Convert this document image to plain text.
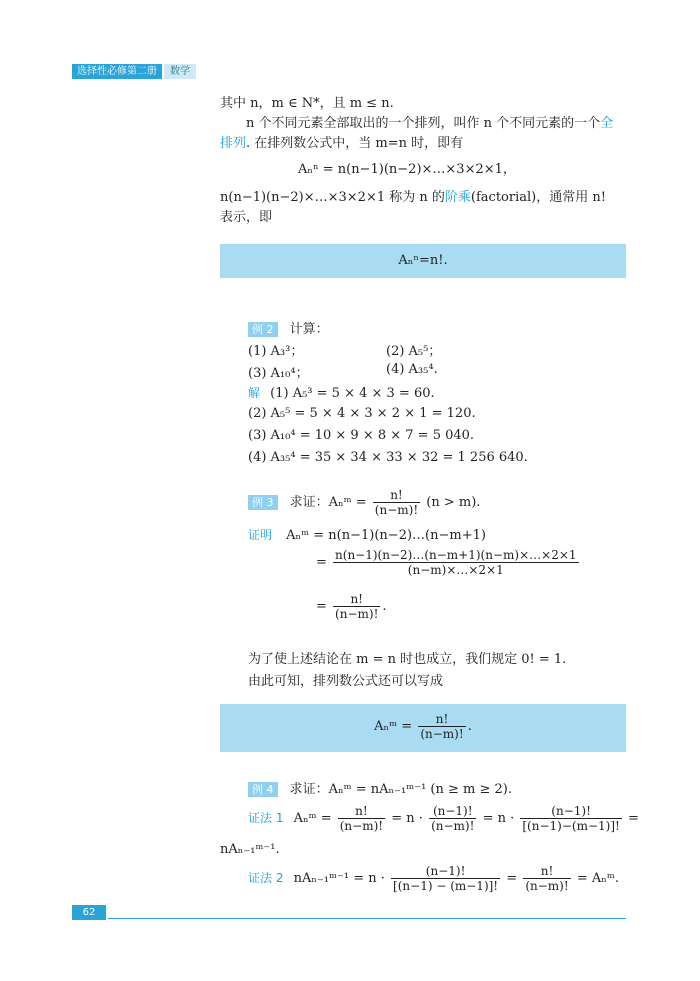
选择性必修第二册	数学
其中 n，m ∈ N*，且 m ≤ n.
n 个不同元素全部取出的一个排列，叫作 n 个不同元素的一个全
排列. 在排列数公式中，当 m=n 时，即有
Aₙⁿ = n(n−1)(n−2)×…×3×2×1，
n(n−1)(n−2)×…×3×2×1 称为 n 的阶乘(factorial)，通常用 n!
表示，即
Aₙⁿ=n!.
例 2 计算：
(1) A₃³；	(2) A₅⁵；
(3) A₁₀⁴；	(4) A₃₅⁴.
解 (1) A₅³ = 5 × 4 × 3 = 60.
(2) A₅⁵ = 5 × 4 × 3 × 2 × 1 = 120.
(3) A₁₀⁴ = 10 × 9 × 8 × 7 = 5 040.
(4) A₃₅⁴ = 35 × 34 × 33 × 32 = 1 256 640.
例 3 求证：Aₙᵐ = $\frac{n!}{(n-m)!} (n > m)$.
证明 Aₙᵐ = n(n−1)(n−2)…(n−m+1)
= $\frac{n(n-1)(n-2)\dots(n-m+1)(n-m)\times\dots\times 2\times 1}{(n-m)\times\dots\times 2\times 1}$
= $\frac{n!}{(n-m)!}$ .
为了使上述结论在 m = n 时也成立，我们规定 0! = 1.
由此可知，排列数公式还可以写成
Aₙᵐ = $\frac{n!}{(n-m)!}$ .
例 4 求证：Aₙᵐ = nAₙ₋₁ᵐ⁻¹ (n ≥ m ≥ 2).
证法 1 Aₙᵐ = $\frac{n!}{(n-m)!} = n \cdot \frac{(n-1)!}{(n-m)!} = n \cdot \frac{(n-1)!}{[(n-1)-(m-1)]!}$ =
nAₙ₋₁ᵐ⁻¹.
证法 2 nAₙ₋₁ᵐ⁻¹ = $n \cdot \frac{(n-1)!}{[(n-1) - (m-1)]!} = \frac{n!}{(n-m)!}$ = Aₙᵐ.
62
